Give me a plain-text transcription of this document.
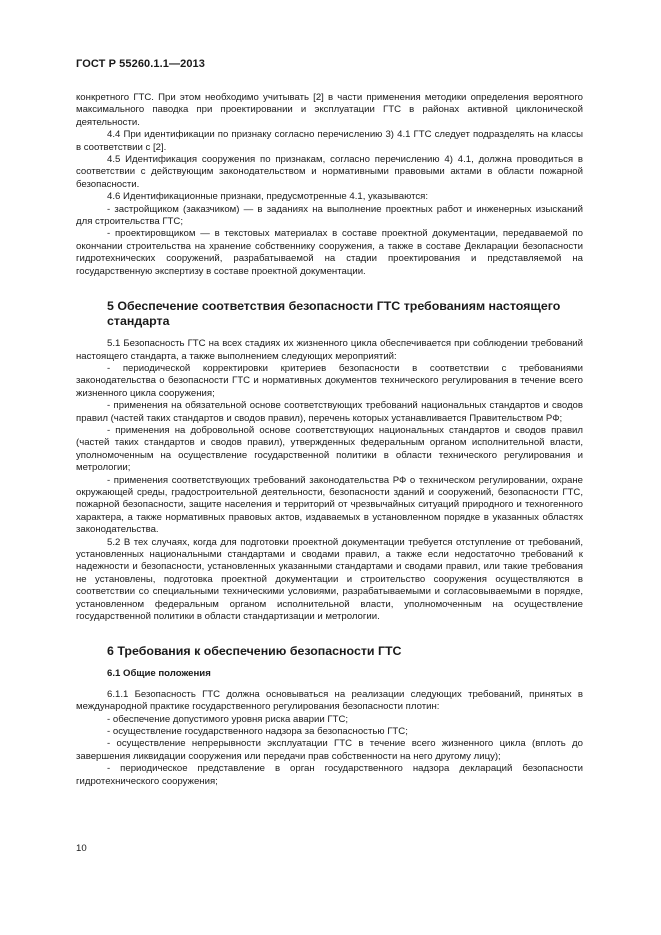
ГОСТ Р 55260.1.1—2013

конкретного ГТС. При этом необходимо учитывать [2] в части применения методики определения вероятного максимального паводка при проектировании и эксплуатации ГТС в районах активной циклонической деятельности.

4.4 При идентификации по признаку согласно перечислению 3) 4.1 ГТС следует подразделять на классы в соответствии с [2].

4.5 Идентификация сооружения по признакам, согласно перечислению 4) 4.1, должна проводиться в соответствии с действующим законодательством и нормативными правовыми актами в области пожарной безопасности.

4.6 Идентификационные признаки, предусмотренные 4.1, указываются:

- застройщиком (заказчиком) — в заданиях на выполнение проектных работ и инженерных изысканий для строительства ГТС;

- проектировщиком — в текстовых материалах в составе проектной документации, передаваемой по окончании строительства на хранение собственнику сооружения, а также в составе Декларации безопасности гидротехнических сооружений, разрабатываемой на стадии проектирования и представляемой на государственную экспертизу в составе проектной документации.

5 Обеспечение соответствия безопасности ГТС требованиям настоящего стандарта

5.1 Безопасность ГТС на всех стадиях их жизненного цикла обеспечивается при соблюдении требований настоящего стандарта, а также выполнением следующих мероприятий:

- периодической корректировки критериев безопасности в соответствии с требованиями законодательства о безопасности ГТС и нормативных документов технического регулирования в течение всего жизненного цикла сооружения;

- применения на обязательной основе соответствующих требований национальных стандартов и сводов правил (частей таких стандартов и сводов правил), перечень которых устанавливается Правительством РФ;

- применения на добровольной основе соответствующих национальных стандартов и сводов правил (частей таких стандартов и сводов правил), утвержденных федеральным органом исполнительной власти, уполномоченным на осуществление государственной политики в области технического регулирования и метрологии;

- применения соответствующих требований законодательства РФ о техническом регулировании, охране окружающей среды, градостроительной деятельности, безопасности зданий и сооружений, безопасности ГТС, пожарной безопасности, защите населения и территорий от чрезвычайных ситуаций природного и техногенного характера, а также нормативных правовых актов, издаваемых в установленном порядке в указанных областях законодательства.

5.2 В тех случаях, когда для подготовки проектной документации требуется отступление от требований, установленных национальными стандартами и сводами правил, а также если недостаточно требований к надежности и безопасности, установленных указанными стандартами и сводами правил, или такие требования не установлены, подготовка проектной документации и строительство сооружения осуществляются в соответствии со специальными техническими условиями, разрабатываемыми и согласовываемыми в порядке, установленном федеральным органом исполнительной власти, уполномоченным на осуществление государственной политики в области стандартизации и метрологии.

6 Требования к обеспечению безопасности ГТС

6.1 Общие положения

6.1.1 Безопасность ГТС должна основываться на реализации следующих требований, принятых в международной практике государственного регулирования безопасности плотин:

- обеспечение допустимого уровня риска аварии ГТС;

- осуществление государственного надзора за безопасностью ГТС;

- осуществление непрерывности эксплуатации ГТС в течение всего жизненного цикла (вплоть до завершения ликвидации сооружения или передачи прав собственности на него другому лицу);

- периодическое представление в орган государственного надзора деклараций безопасности гидротехнического сооружения;

10
